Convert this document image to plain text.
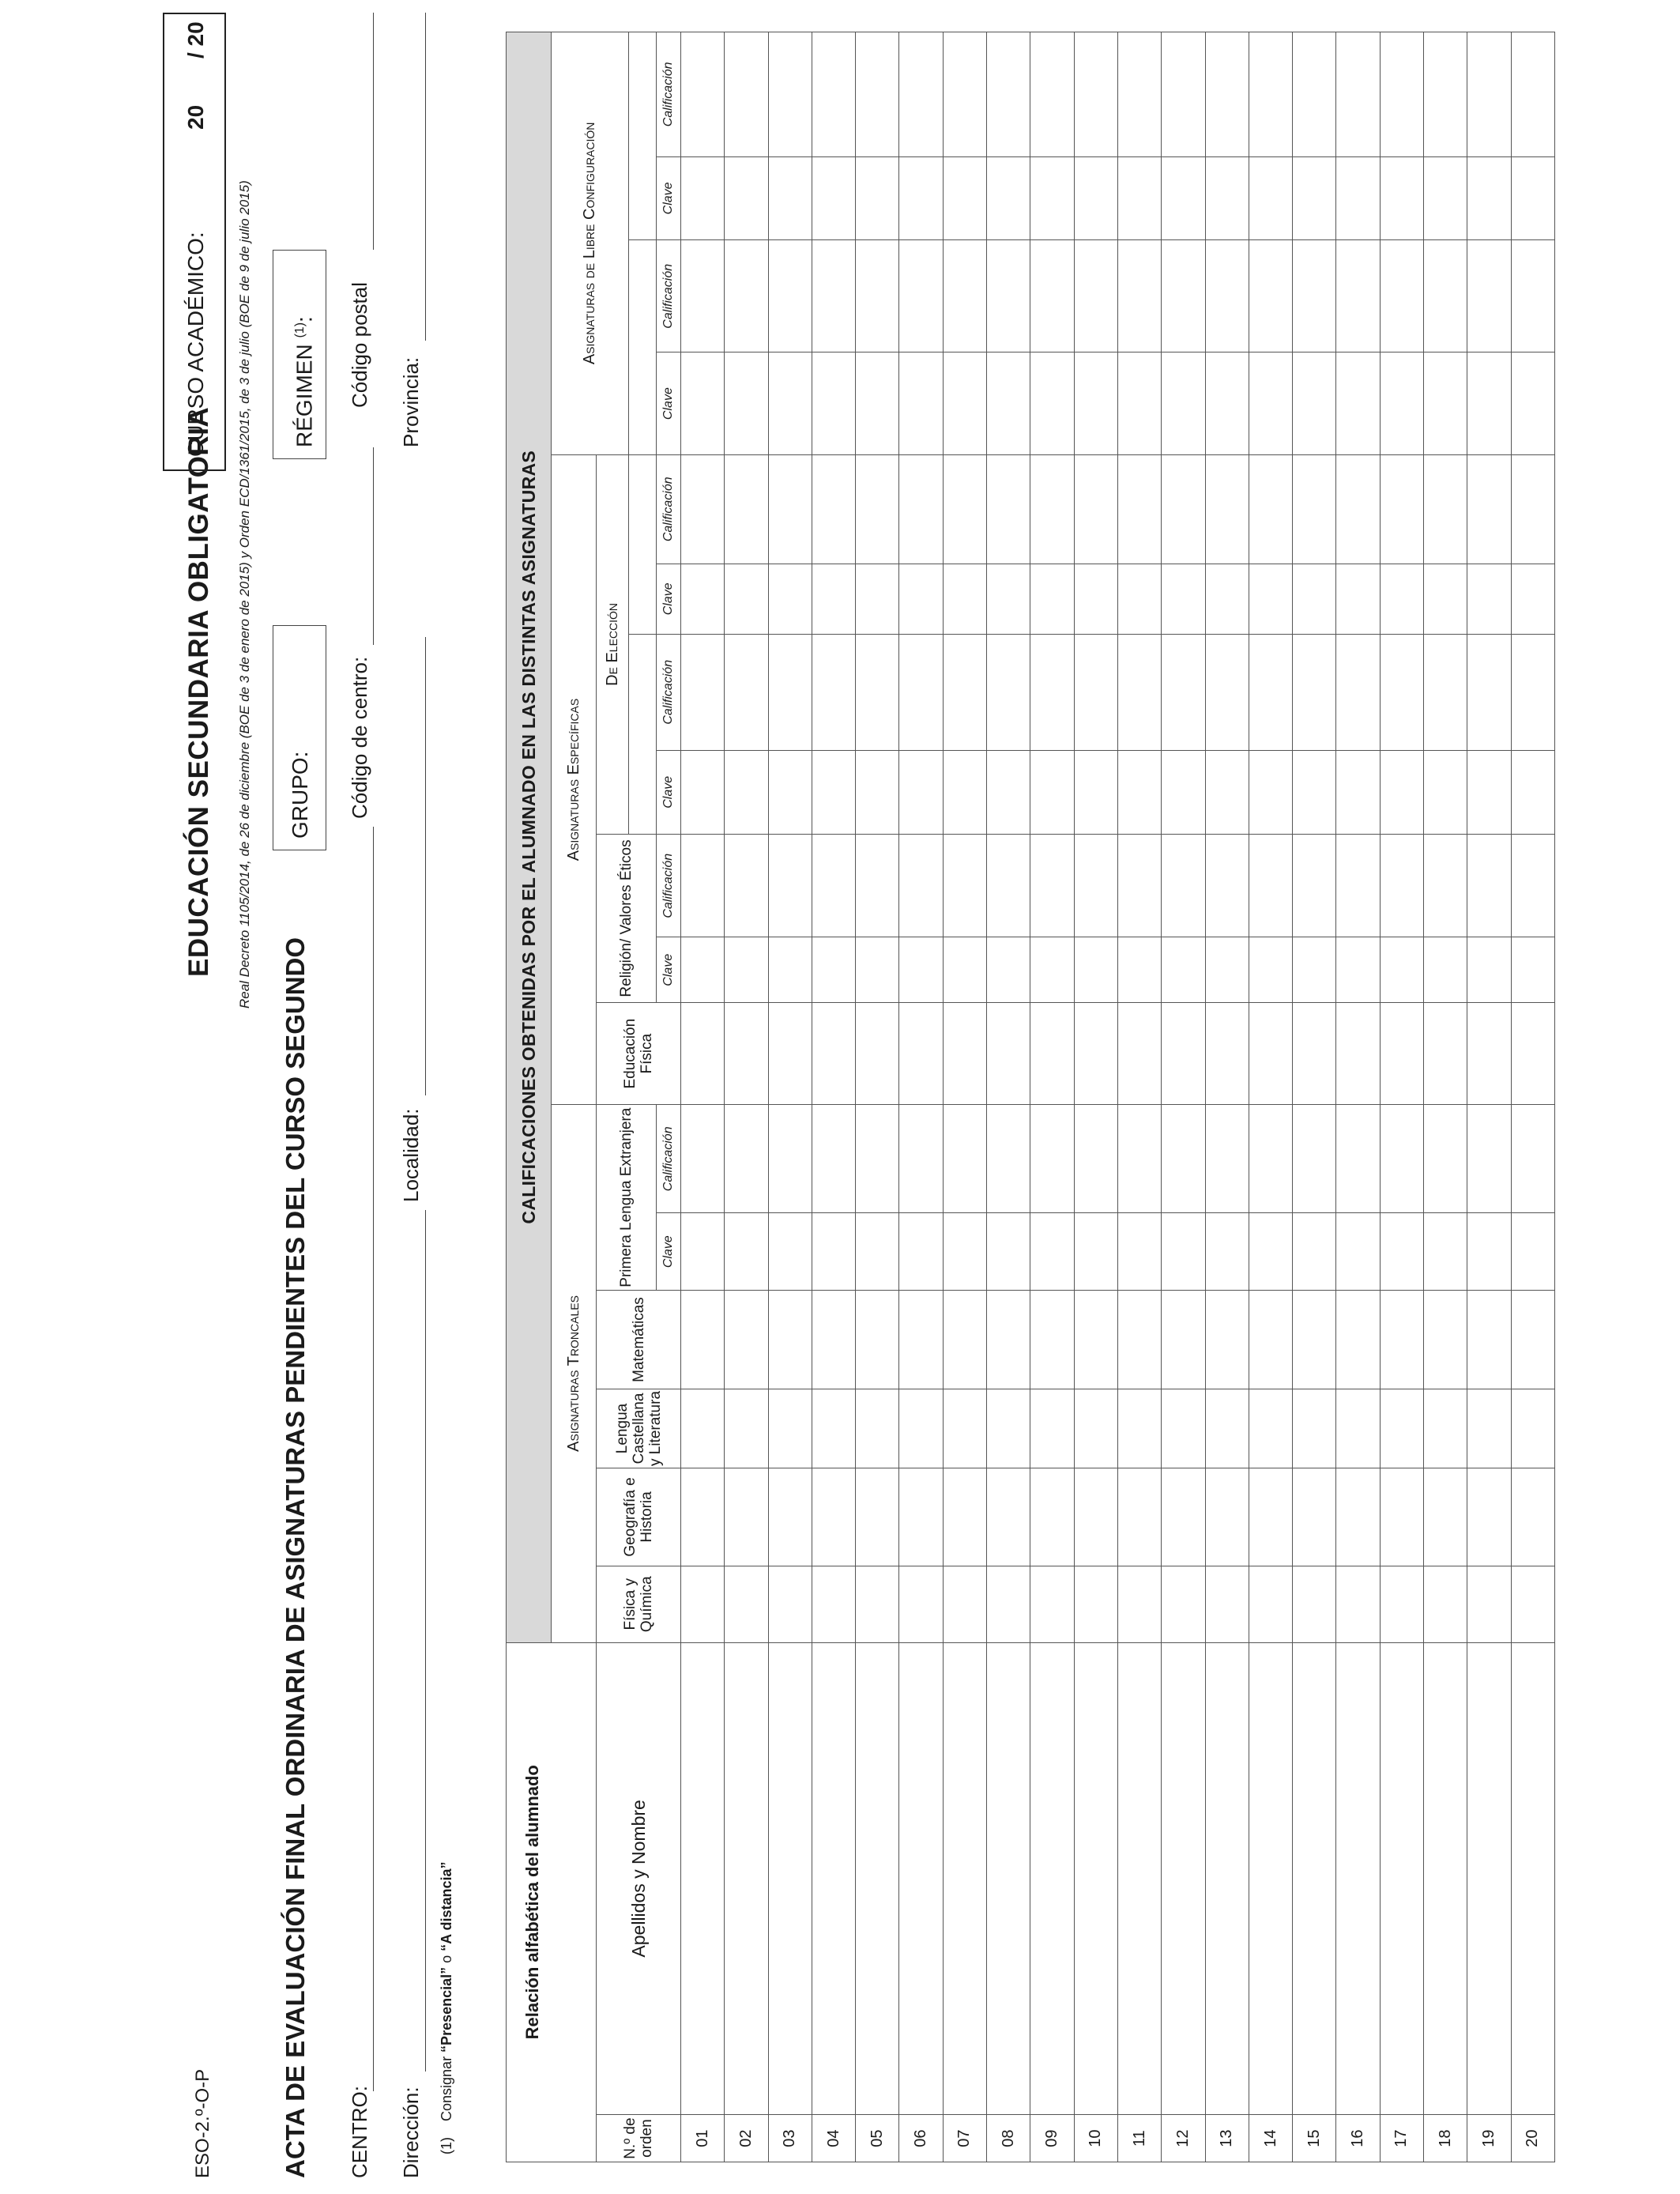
ESO-2.º-O-P
EDUCACIÓN SECUNDARIA OBLIGATORIA Real Decreto 1105/2014, de 26 de diciembre (BOE de 3 de enero de 2015) y Orden ECD/1361/2015, de 3 de julio (BOE de 9 de julio 2015)
ACTA DE EVALUACIÓN FINAL ORDINARIA DE ASIGNATURAS PENDIENTES DEL CURSO SEGUNDO
CURSO ACADÉMICO:
20
/ 20
GRUPO:
RÉGIMEN $^{(1)}$:
CENTRO:
Código de centro:
Código postal
Dirección:
Localidad:
Provincia:
(1)    Consignar “Presencial” o “A distancia”	Relación alfabética del alumnado		CALIFICACIONES OBTENIDAS POR EL ALUMNADO EN LAS DISTINTAS ASIGNATURAS																
		Asignaturas Troncales						Asignaturas Específicas							Asignaturas de Libre Configuración			
N.º de orden	Apellidos y Nombre	Física y Química	Geografía e Historia	Lengua Castellana y Literatura	Matemáticas	Primera Lengua Extranjera		Educación Física	Religión/ Valores Éticos		De Elección							

						Clave	Calificación		Clave	Calificación	Clave	Calificación	Clave	Calificación	Clave	Calificación	Clave	Calificación
01																		
02																		
03																		
04																		
05																		
06																		
07																		
08																		
09																		
10																		
11																		
12																		
13																		
14																		
15																		
16																		
17																		
18																		
19																		
20																		
